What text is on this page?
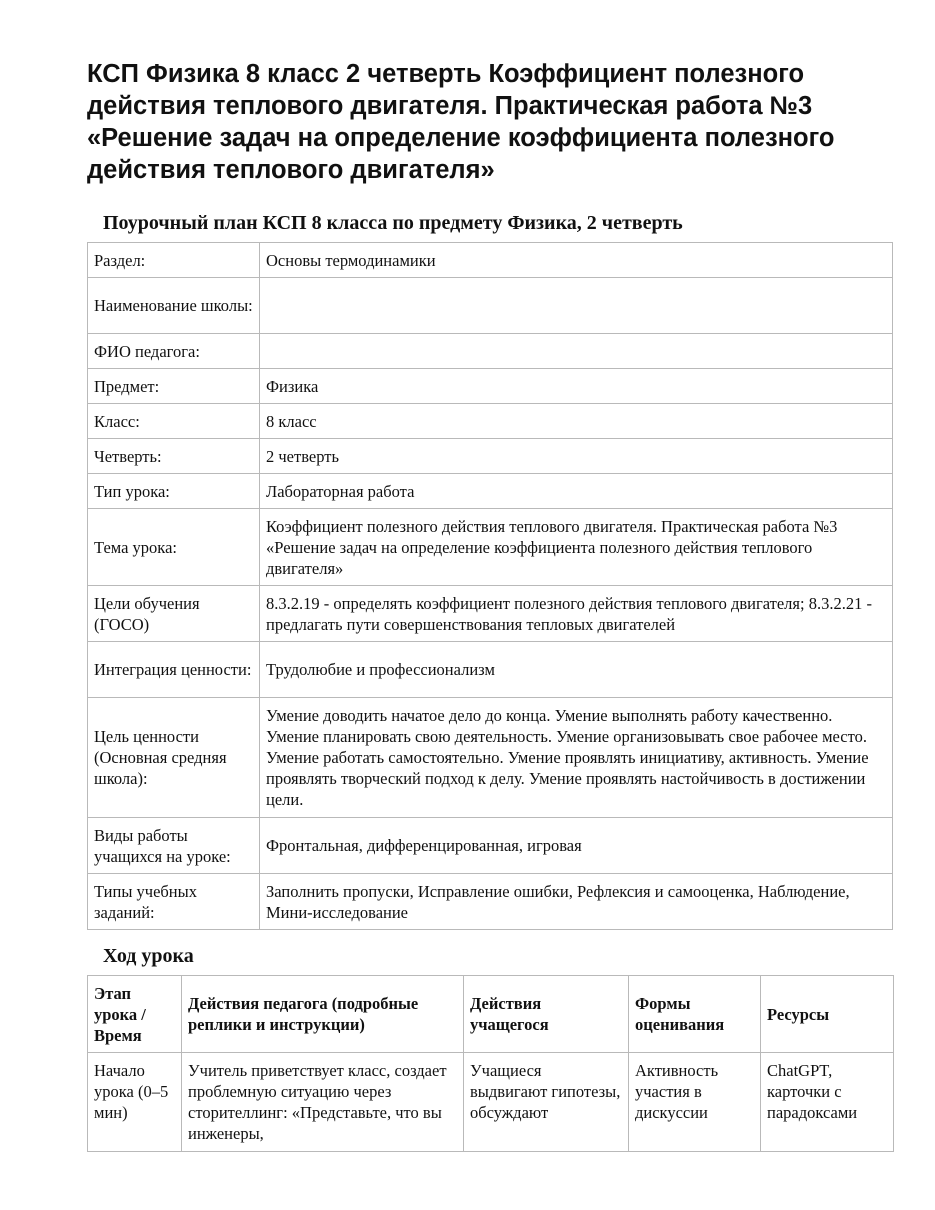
КСП Физика 8 класс 2 четверть Коэффициент полезного действия теплового двигателя. Практическая работа №3 «Решение задач на определение коэффициента полезного действия теплового двигателя»
Поурочный план КСП 8 класса по предмету Физика, 2 четверть
Раздел:	Основы термодинамики
Наименование школы:	
ФИО педагога:	
Предмет:	Физика
Класс:	8 класс
Четверть:	2 четверть
Тип урока:	Лабораторная работа
Тема урока:	Коэффициент полезного действия теплового двигателя. Практическая работа №3 «Решение задач на определение коэффициента полезного действия теплового двигателя»
Цели обучения (ГОСО)	8.3.2.19 - определять коэффициент полезного действия теплового двигателя; 8.3.2.21 - предлагать пути совершенствования тепловых двигателей
Интеграция ценности:	Трудолюбие и профессионализм
Цель ценности (Основная средняя школа):	Умение доводить начатое дело до конца. Умение выполнять работу качественно. Умение планировать свою деятельность. Умение организовывать свое рабочее место. Умение работать самостоятельно. Умение проявлять инициативу, активность. Умение проявлять творческий подход к делу. Умение проявлять настойчивость в достижении цели.
Виды работы учащихся на уроке:	Фронтальная, дифференцированная, игровая
Типы учебных заданий:	Заполнить пропуски, Исправление ошибки, Рефлексия и самооценка, Наблюдение, Мини-исследование
Ход урока
Этап урока / Время	Действия педагога (подробные реплики и инструкции)	Действия учащегося	Формы оценивания	Ресурсы

Начало урока (0–5 мин)	Учитель приветствует класс, создает проблемную ситуацию через сторителлинг: «Представьте, что вы инженеры,	Учащиеся выдвигают гипотезы, обсуждают	Активность участия в дискуссии	ChatGPT, карточки с парадоксами
